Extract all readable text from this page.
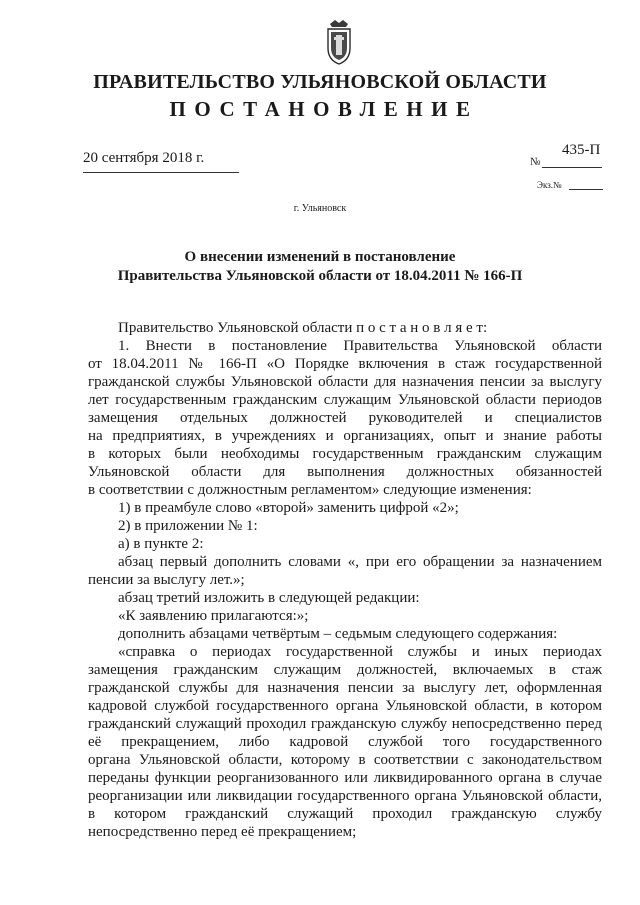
ПРАВИТЕЛЬСТВО УЛЬЯНОВСКОЙ ОБЛАСТИ
ПОСТАНОВЛЕНИЕ
20 сентября 2018 г.	№
435-П
Экз.№
г. Ульяновск
О внесении изменений в постановление
Правительства Ульяновской области от 18.04.2011 № 166-П
Правительство Ульяновской области п о с т а н о в л я е т:
1. Внести в постановление Правительства Ульяновской области
от 18.04.2011 № 166-П «О Порядке включения в стаж государственной
гражданской службы Ульяновской области для назначения пенсии за выслугу
лет государственным гражданским служащим Ульяновской области периодов
замещения отдельных должностей руководителей и специалистов
на предприятиях, в учреждениях и организациях, опыт и знание работы
в которых были необходимы государственным гражданским служащим
Ульяновской области для выполнения должностных обязанностей
в соответствии с должностным регламентом» следующие изменения:
1) в преамбуле слово «второй» заменить цифрой «2»;
2) в приложении № 1:
а) в пункте 2:
абзац первый дополнить словами «, при его обращении за назначением
пенсии за выслугу лет.»;
абзац третий изложить в следующей редакции:
«К заявлению прилагаются:»;
дополнить абзацами четвёртым – седьмым следующего содержания:
«справка о периодах государственной службы и иных периодах
замещения гражданским служащим должностей, включаемых в стаж
гражданской службы для назначения пенсии за выслугу лет, оформленная
кадровой службой государственного органа Ульяновской области, в котором
гражданский служащий проходил гражданскую службу непосредственно перед
её прекращением, либо кадровой службой того государственного
органа Ульяновской области, которому в соответствии с законодательством
переданы функции реорганизованного или ликвидированного органа в случае
реорганизации или ликвидации государственного органа Ульяновской области,
в котором гражданский служащий проходил гражданскую службу
непосредственно перед её прекращением;
